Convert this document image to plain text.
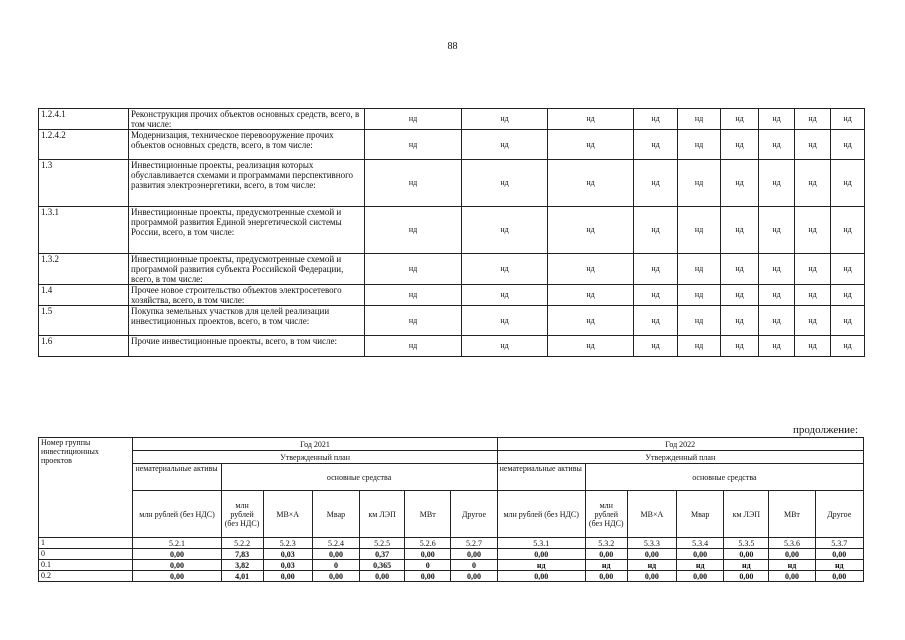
88
1.2.4.1	Реконструкция прочих объектов основных средств, всего, в том числе:	нд	нд	нд	нд	нд	нд	нд	нд	нд
1.2.4.2	Модернизация, техническое перевооружение прочих объектов основных средств, всего, в том числе:	нд	нд	нд	нд	нд	нд	нд	нд	нд
1.3	Инвестиционные проекты, реализация которых обуславливается схемами и программами перспективного развития электроэнергетики, всего, в том числе:	нд	нд	нд	нд	нд	нд	нд	нд	нд
1.3.1	Инвестиционные проекты, предусмотренные схемой и программой развития Единой энергетической системы России, всего, в том числе:	нд	нд	нд	нд	нд	нд	нд	нд	нд
1.3.2	Инвестиционные проекты, предусмотренные схемой и программой развития субъекта Российской Федерации, всего, в том числе:	нд	нд	нд	нд	нд	нд	нд	нд	нд
1.4	Прочее новое строительство объектов электросетевого хозяйства, всего, в том числе:	нд	нд	нд	нд	нд	нд	нд	нд	нд
1.5	Покупка земельных участков для целей реализации инвестиционных проектов, всего, в том числе:	нд	нд	нд	нд	нд	нд	нд	нд	нд
1.6	Прочие инвестиционные проекты, всего, в том числе:	нд	нд	нд	нд	нд	нд	нд	нд	нд
продолжение:
Номер группы инвестиционных проектов	Год 2021							Год 2022						
	Утвержденный план							Утвержденный план						
	нематериальные активы	основные средства						нематериальные активы	основные средства					
	млн рублей (без НДС)	млн рублей (без НДС)	МВ×А	Мвар	км ЛЭП	МВт	Другое	млн рублей (без НДС)	млн рублей (без НДС)	МВ×А	Мвар	км ЛЭП	МВт	Другое
1	5.2.1	5.2.2	5.2.3	5.2.4	5.2.5	5.2.6	5.2.7	5.3.1	5.3.2	5.3.3	5.3.4	5.3.5	5.3.6	5.3.7
0	0,00	7,83	0,03	0,00	0,37	0,00	0,00	0,00	0,00	0,00	0,00	0,00	0,00	0,00
0.1	0,00	3,82	0,03	0	0,365	0	0	нд	нд	нд	нд	нд	нд	нд
0.2	0,00	4,01	0,00	0,00	0,00	0,00	0,00	0,00	0,00	0,00	0,00	0,00	0,00	0,00
